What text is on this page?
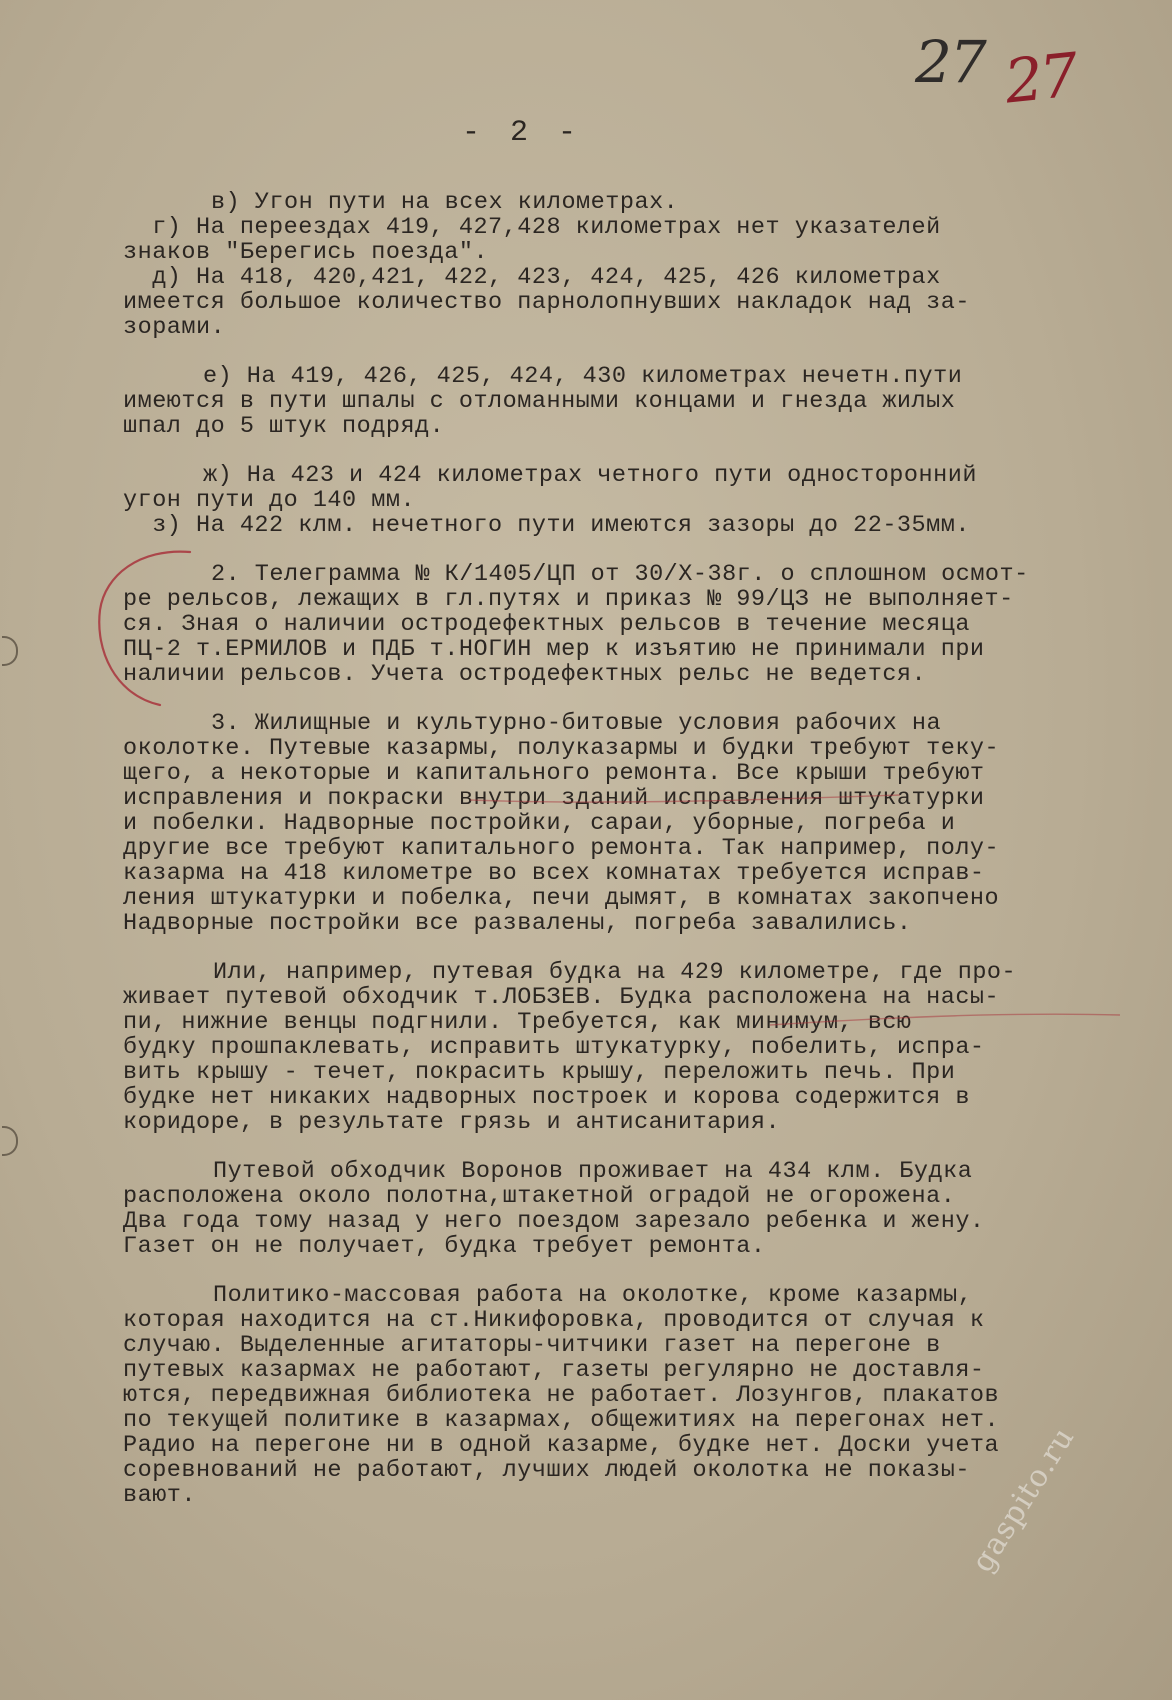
27 27
- 2 -
в) Угон пути на всех километрах.
г) На переездах 419, 427,428 километрах нет указателей
знаков "Берегись поезда".
д) На 418, 420,421, 422, 423, 424, 425, 426 километрах
имеется большое количество парнолопнувших накладок над за-
зорами.
е) На 419, 426, 425, 424, 430 километрах нечетн.пути
имеются в пути шпалы с отломанными концами и гнезда жилых
шпал до 5 штук подряд.
ж) На 423 и 424 километрах четного пути односторонний
угон пути до 140 мм.
з) На 422 клм. нечетного пути имеются зазоры до 22-35мм.
2. Телеграмма № К/1405/ЦП от 30/Х-38г. о сплошном осмот-
ре рельсов, лежащих в гл.путях и приказ № 99/ЦЗ не выполняет-
ся. Зная о наличии остродефектных рельсов в течение месяца
ПЦ-2 т.ЕРМИЛОВ и ПДБ т.НОГИН мер к изъятию не принимали при
наличии рельсов. Учета остродефектных рельс не ведется.
3. Жилищные и культурно-битовые условия рабочих на
околотке. Путевые казармы, полуказармы и будки требуют теку-
щего, а некоторые и капитального ремонта. Все крыши требуют
исправления и покраски внутри зданий исправления штукатурки
и побелки. Надворные постройки, сараи, уборные, погреба и
другие все требуют капитального ремонта. Так например, полу-
казарма на 418 километре во всех комнатах требуется исправ-
ления штукатурки и побелка, печи дымят, в комнатах закопчено
Надворные постройки все развалены, погреба завалились.
Или, например, путевая будка на 429 километре, где про-
живает путевой обходчик т.ЛОБЗЕВ. Будка расположена на насы-
пи, нижние венцы подгнили. Требуется, как минимум, всю
будку прошпаклевать, исправить штукатурку, побелить, испра-
вить крышу - течет, покрасить крышу, переложить печь. При
будке нет никаких надворных построек и корова содержится в
коридоре, в результате грязь и антисанитария.
Путевой обходчик Воронов проживает на 434 клм. Будка
расположена около полотна,штакетной оградой не огорожена.
Два года тому назад у него поездом зарезало ребенка и жену.
Газет он не получает, будка требует ремонта.
Политико-массовая работа на околотке, кроме казармы,
которая находится на ст.Никифоровка, проводится от случая к
случаю. Выделенные агитаторы-читчики газет на перегоне в
путевых казармах не работают, газеты регулярно не доставля-
ются, передвижная библиотека не работает. Лозунгов, плакатов
по текущей политике в казармах, общежитиях на перегонах нет.
Радио на перегоне ни в одной казарме, будке нет. Доски учета
соревнований не работают, лучших людей околотка не показы-
вают.	gaspito.ru
